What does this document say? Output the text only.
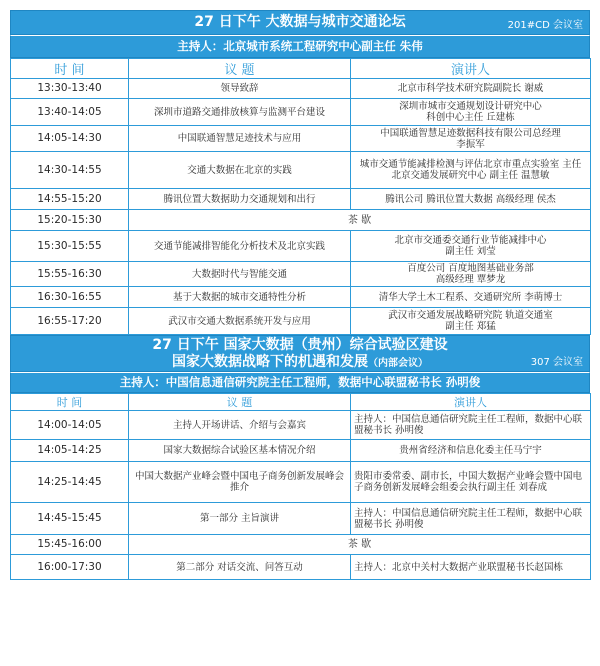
27 日下午 大数据与城市交通论坛	201#CD 会议室
主持人：北京城市系统工程研究中心副主任 朱伟
时 间	议 题	演讲人
13:30-13:40	领导致辞	北京市科学技术研究院副院长 谢威
13:40-14:05	深圳市道路交通排放核算与监测平台建设	深圳市城市交通规划设计研究中心
科创中心主任 丘建栋
14:05-14:30	中国联通智慧足迹技术与应用	中国联通智慧足迹数据科技有限公司总经理
李振军
14:30-14:55	交通大数据在北京的实践	城市交通节能减排检测与评估北京市重点实验室 主任
北京交通发展研究中心 副主任 温慧敏
14:55-15:20	腾讯位置大数据助力交通规划和出行	腾讯公司 腾讯位置大数据 高级经理 侯杰
15:20-15:30	茶 歇	
15:30-15:55	交通节能减排智能化分析技术及北京实践	北京市交通委交通行业节能减排中心
副主任 刘莹
15:55-16:30	大数据时代与智能交通	百度公司 百度地图基础业务部
高级经理 覃梦龙
16:30-16:55	基于大数据的城市交通特性分析	清华大学土木工程系、交通研究所 李萌博士
16:55-17:20	武汉市交通大数据系统开发与应用	武汉市交通发展战略研究院 轨道交通室
副主任 郑猛
27 日下午 国家大数据（贵州）综合试验区建设
国家大数据战略下的机遇和发展（内部会议）	307 会议室
主持人：中国信息通信研究院主任工程师，数据中心联盟秘书长 孙明俊
时 间	议 题	演讲人
14:00-14:05	主持人开场讲话、介绍与会嘉宾	主持人：中国信息通信研究院主任工程师，数据中心联盟秘书长 孙明俊
14:05-14:25	国家大数据综合试验区基本情况介绍	贵州省经济和信息化委主任马宁宇
14:25-14:45	中国大数据产业峰会暨中国电子商务创新发展峰会推介	贵阳市委常委、副市长，中国大数据产业峰会暨中国电子商务创新发展峰会组委会执行副主任 刘春成
14:45-15:45	第一部分 主旨演讲	主持人：中国信息通信研究院主任工程师，数据中心联盟秘书长 孙明俊
15:45-16:00	茶 歇	
16:00-17:30	第二部分 对话交流、问答互动	主持人：北京中关村大数据产业联盟秘书长赵国栋
